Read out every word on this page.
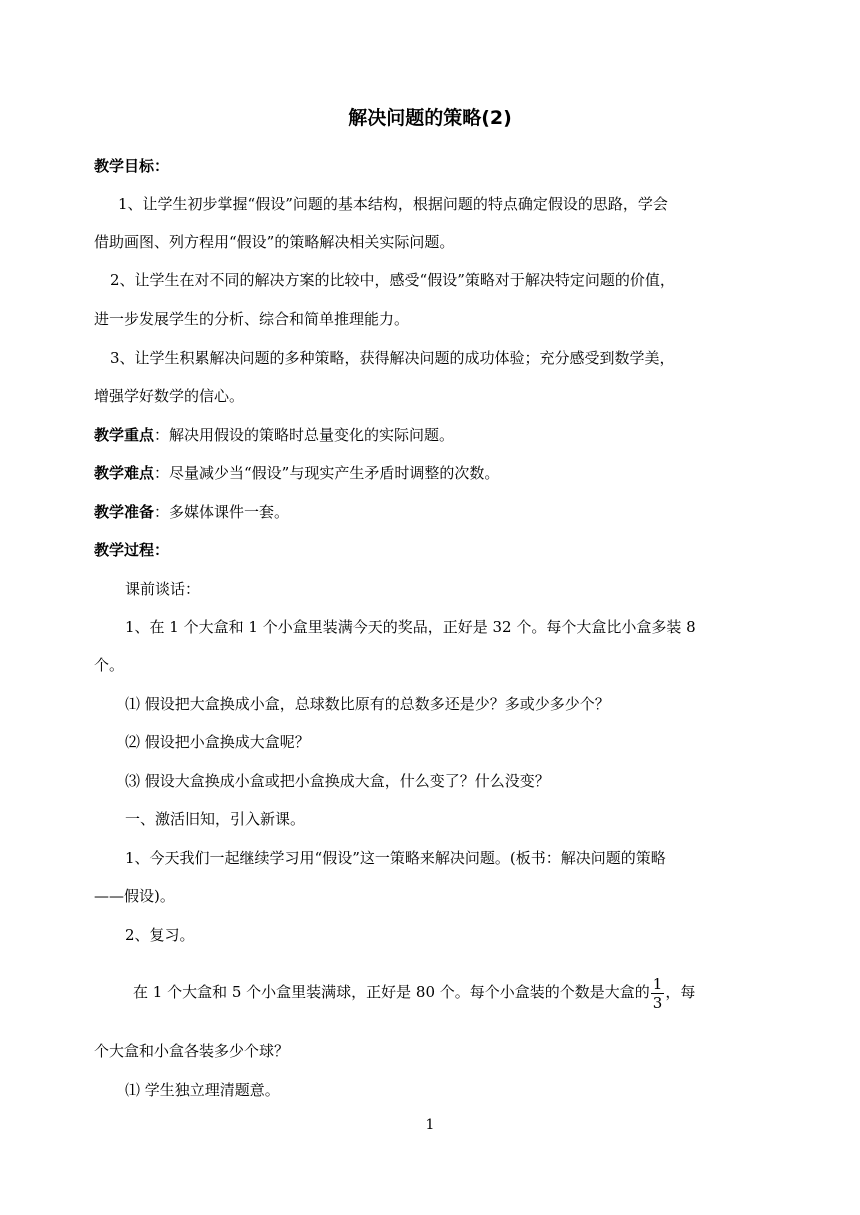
解决问题的策略(2)

教学目标：

1、让学生初步掌握“假设”问题的基本结构，根据问题的特点确定假设的思路，学会

借助画图、列方程用“假设”的策略解决相关实际问题。

2、让学生在对不同的解决方案的比较中，感受“假设”策略对于解决特定问题的价值，

进一步发展学生的分析、综合和简单推理能力。

3、让学生积累解决问题的多种策略，获得解决问题的成功体验；充分感受到数学美，

增强学好数学的信心。

教学重点：解决用假设的策略时总量变化的实际问题。

教学难点：尽量减少当“假设”与现实产生矛盾时调整的次数。

教学准备：多媒体课件一套。

教学过程：

课前谈话：

1、在 1 个大盒和 1 个小盒里装满今天的奖品，正好是 32 个。每个大盒比小盒多装 8

个。

⑴ 假设把大盒换成小盒，总球数比原有的总数多还是少？多或少多少个？

⑵ 假设把小盒换成大盒呢？

⑶ 假设大盒换成小盒或把小盒换成大盒，什么变了？什么没变？

一、激活旧知，引入新课。

1、今天我们一起继续学习用“假设”这一策略来解决问题。(板书：解决问题的策略

——假设)。

2、复习。

在 1 个大盒和 5 个小盒里装满球，正好是 80 个。每个小盒装的个数是大盒的 $\frac{1}{3}$ ，每

个大盒和小盒各装多少个球？

⑴ 学生独立理清题意。

1
